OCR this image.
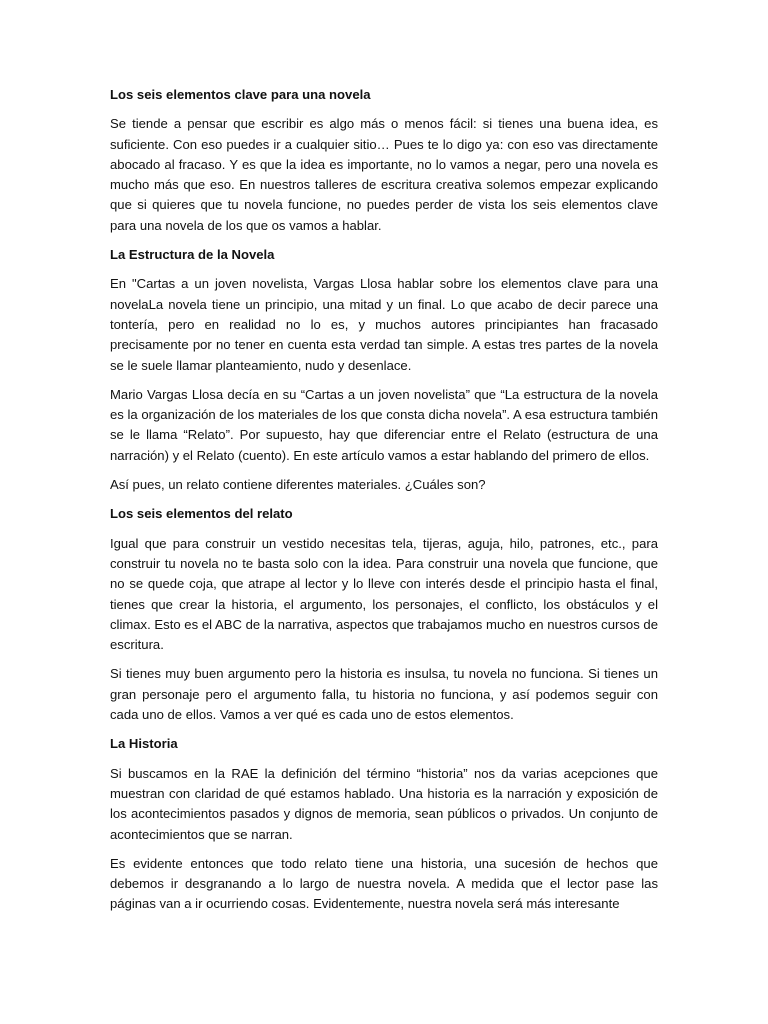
Los seis elementos clave para una novela

Se tiende a pensar que escribir es algo más o menos fácil: si tienes una buena idea, es suficiente. Con eso puedes ir a cualquier sitio… Pues te lo digo ya: con eso vas directamente abocado al fracaso. Y es que la idea es importante, no lo vamos a negar, pero una novela es mucho más que eso. En nuestros talleres de escritura creativa solemos empezar explicando que si quieres que tu novela funcione, no puedes perder de vista los seis elementos clave para una novela de los que os vamos a hablar.

La Estructura de la Novela

En "Cartas a un joven novelista, Vargas Llosa hablar sobre los elementos clave para una novelaLa novela tiene un principio, una mitad y un final. Lo que acabo de decir parece una tontería, pero en realidad no lo es, y muchos autores principiantes han fracasado precisamente por no tener en cuenta esta verdad tan simple. A estas tres partes de la novela se le suele llamar planteamiento, nudo y desenlace.

Mario Vargas Llosa decía en su “Cartas a un joven novelista” que “La estructura de la novela es la organización de los materiales de los que consta dicha novela”. A esa estructura también se le llama “Relato”. Por supuesto, hay que diferenciar entre el Relato (estructura de una narración) y el Relato (cuento). En este artículo vamos a estar hablando del primero de ellos.

Así pues, un relato contiene diferentes materiales. ¿Cuáles son?

Los seis elementos del relato

Igual que para construir un vestido necesitas tela, tijeras, aguja, hilo, patrones, etc., para construir tu novela no te basta solo con la idea. Para construir una novela que funcione, que no se quede coja, que atrape al lector y lo lleve con interés desde el principio hasta el final, tienes que crear la historia, el argumento, los personajes, el conflicto, los obstáculos y el climax. Esto es el ABC de la narrativa, aspectos que trabajamos mucho en nuestros cursos de escritura.

Si tienes muy buen argumento pero la historia es insulsa, tu novela no funciona. Si tienes un gran personaje pero el argumento falla, tu historia no funciona, y así podemos seguir con cada uno de ellos. Vamos a ver qué es cada uno de estos elementos.

La Historia

Si buscamos en la RAE la definición del término “historia” nos da varias acepciones que muestran con claridad de qué estamos hablado. Una historia es la narración y exposición de los acontecimientos pasados y dignos de memoria, sean públicos o privados. Un conjunto de acontecimientos que se narran.

Es evidente entonces que todo relato tiene una historia, una sucesión de hechos que debemos ir desgranando a lo largo de nuestra novela. A medida que el lector pase las páginas van a ir ocurriendo cosas. Evidentemente, nuestra novela será más interesante
